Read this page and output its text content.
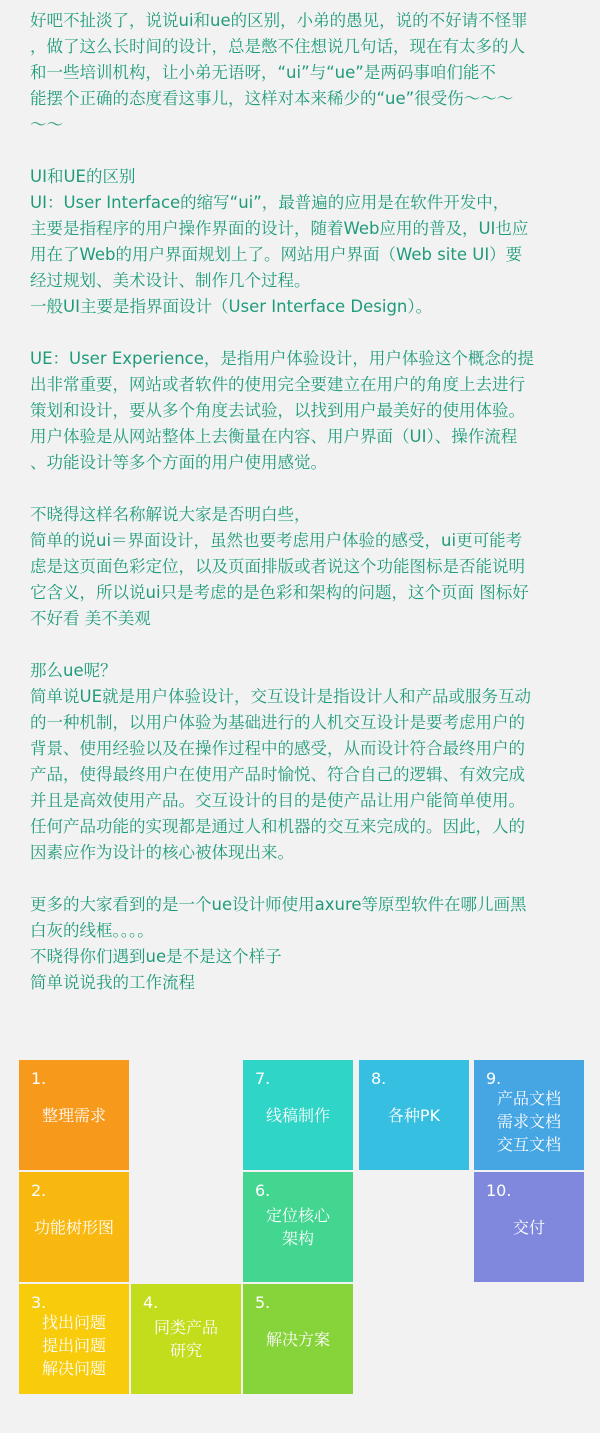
好吧不扯淡了，说说ui和ue的区别，小弟的愚见，说的不好请不怪罪
，做了这么长时间的设计，总是憋不住想说几句话，现在有太多的人
和一些培训机构，让小弟无语呀，“ui”与“ue”是两码事咱们能不
能摆个正确的态度看这事儿，这样对本来稀少的“ue”很受伤～～～
～～
UI和UE的区别
UI：User Interface的缩写“ui”，最普遍的应用是在软件开发中，
主要是指程序的用户操作界面的设计，随着Web应用的普及，UI也应
用在了Web的用户界面规划上了。网站用户界面（Web site UI）要
经过规划、美术设计、制作几个过程。
一般UI主要是指界面设计（User Interface Design）。
UE：User Experience，是指用户体验设计，用户体验这个概念的提
出非常重要，网站或者软件的使用完全要建立在用户的角度上去进行
策划和设计，要从多个角度去试验，以找到用户最美好的使用体验。
用户体验是从网站整体上去衡量在内容、用户界面（UI）、操作流程
、功能设计等多个方面的用户使用感觉。
不晓得这样名称解说大家是否明白些，
简单的说ui＝界面设计，虽然也要考虑用户体验的感受，ui更可能考
虑是这页面色彩定位，以及页面排版或者说这个功能图标是否能说明
它含义，所以说ui只是考虑的是色彩和架构的问题，这个页面 图标好
不好看 美不美观
那么ue呢？
简单说UE就是用户体验设计，交互设计是指设计人和产品或服务互动
的一种机制，以用户体验为基础进行的人机交互设计是要考虑用户的
背景、使用经验以及在操作过程中的感受，从而设计符合最终用户的
产品，使得最终用户在使用产品时愉悦、符合自己的逻辑、有效完成
并且是高效使用产品。交互设计的目的是使产品让用户能简单使用。
任何产品功能的实现都是通过人和机器的交互来完成的。因此，人的
因素应作为设计的核心被体现出来。
更多的大家看到的是一个ue设计师使用axure等原型软件在哪儿画黑
白灰的线框。。。。
不晓得你们遇到ue是不是这个样子
简单说说我的工作流程
1.
整理需求
2.
功能树形图
3.
找出问题
提出问题
解决问题
4.
同类产品
研究
5.
解决方案
6.
定位核心
架构
7.
线稿制作
8.
各种PK
9.
产品文档
需求文档
交互文档
10.
交付
